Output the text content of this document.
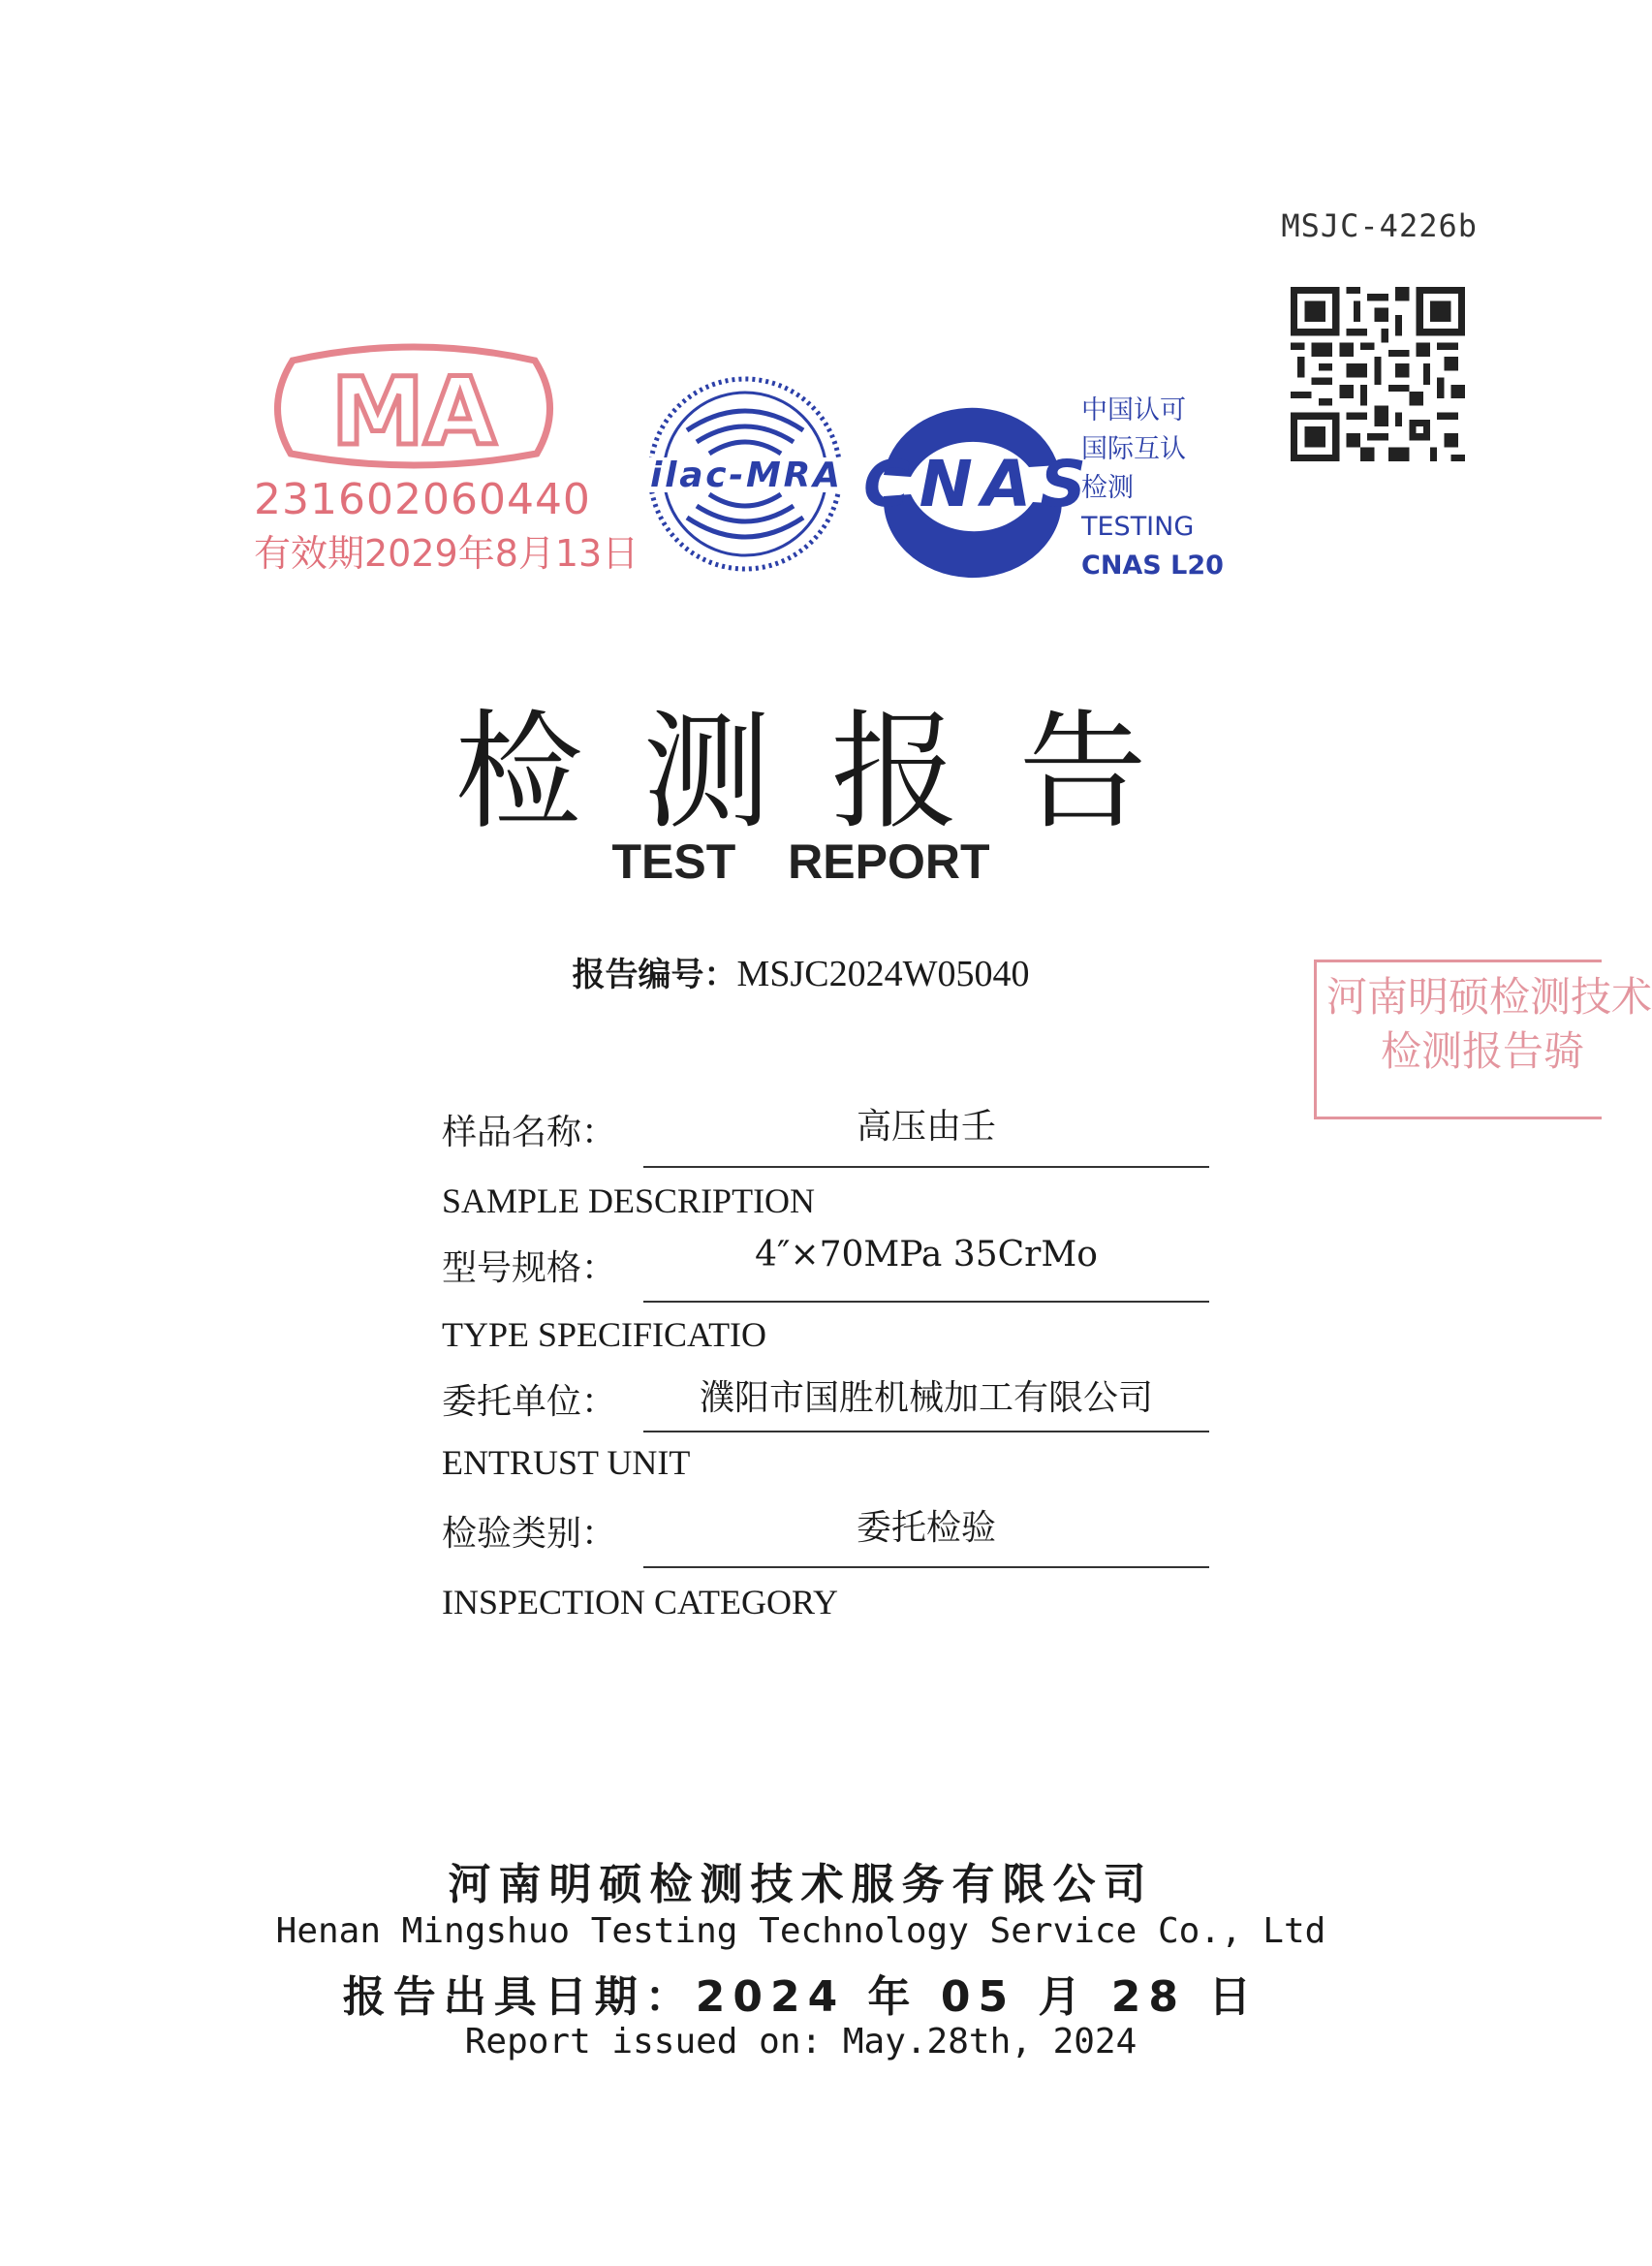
MSJC-4226b
MA
231602060440
有效期2029年8月13日
ilac-MRA CNAS
中国认可
国际互认
检测
TESTING
CNAS L20
检测报告
TEST REPORT
报告编号：MSJC2024W05040	河南明硕检测技术
检测报告骑
样品名称：	高压由壬
SAMPLE DESCRIPTION
型号规格：	4″×70MPa 35CrMo
TYPE SPECIFICATIO
委托单位：	濮阳市国胜机械加工有限公司
ENTRUST UNIT
检验类别：	委托检验
INSPECTION CATEGORY
河南明硕检测技术服务有限公司
Henan Mingshuo Testing Technology Service Co., Ltd
报告出具日期：2024 年 05 月 28 日
Report issued on: May.28th, 2024
